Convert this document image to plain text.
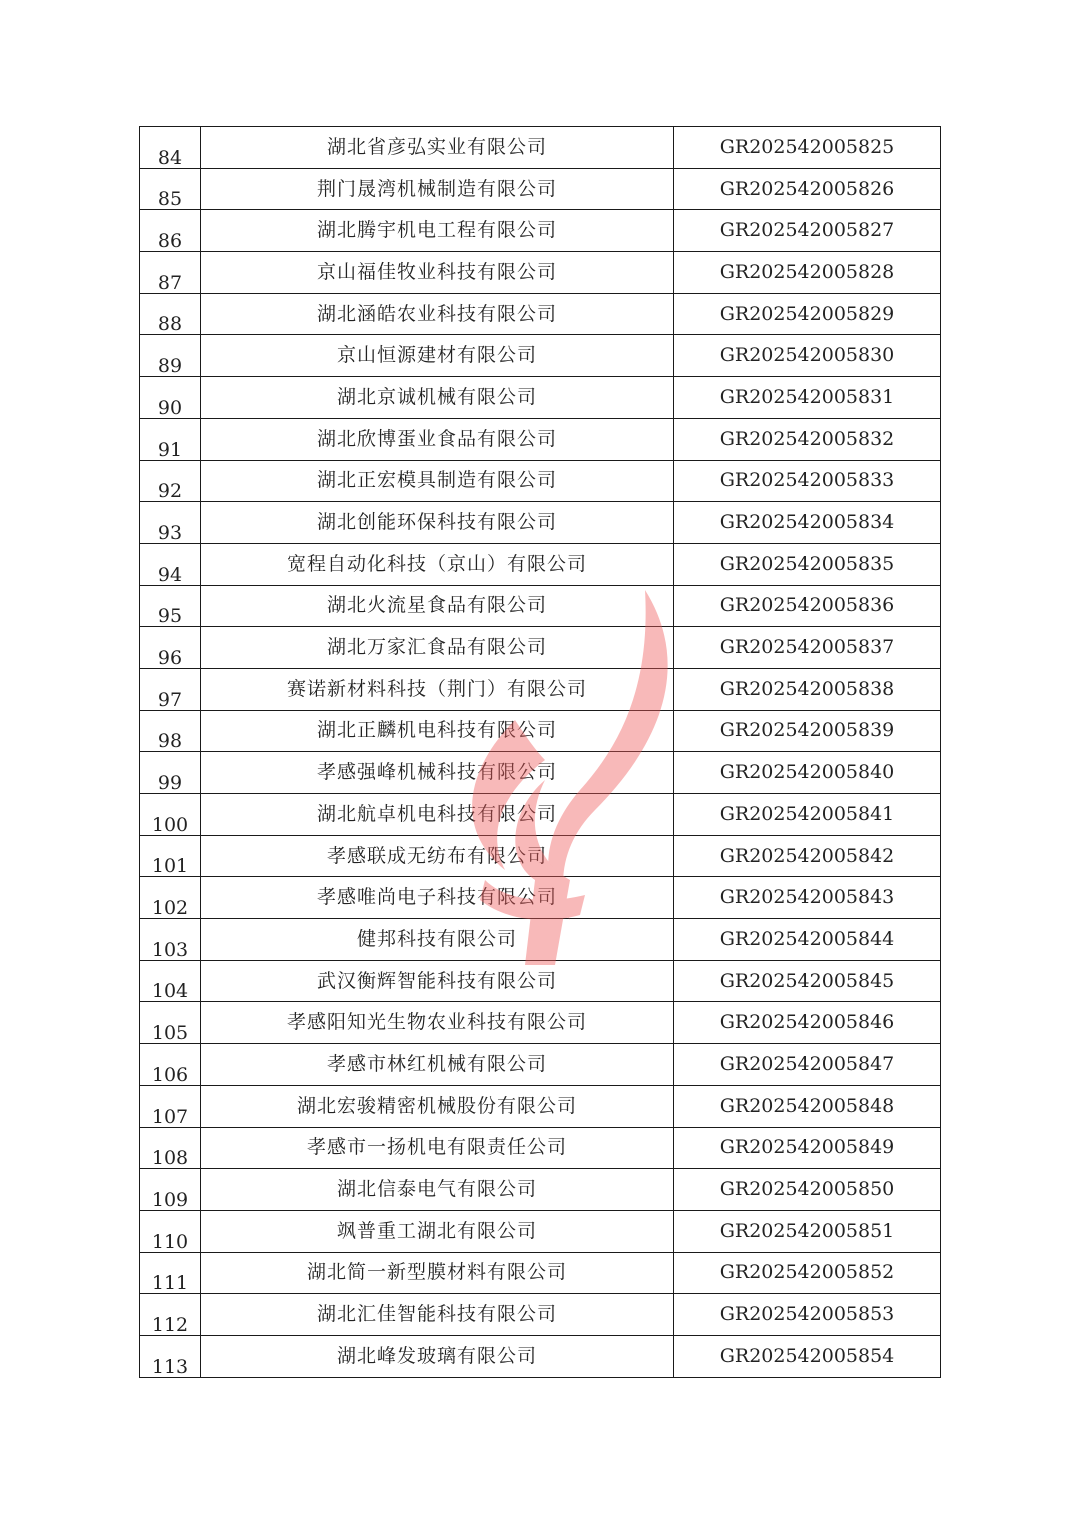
84	湖北省彦弘实业有限公司	GR202542005825
85	荆门晟湾机械制造有限公司	GR202542005826
86	湖北腾宇机电工程有限公司	GR202542005827
87	京山福佳牧业科技有限公司	GR202542005828
88	湖北涵皓农业科技有限公司	GR202542005829
89	京山恒源建材有限公司	GR202542005830
90	湖北京诚机械有限公司	GR202542005831
91	湖北欣博蛋业食品有限公司	GR202542005832
92	湖北正宏模具制造有限公司	GR202542005833
93	湖北创能环保科技有限公司	GR202542005834
94	宽程自动化科技（京山）有限公司	GR202542005835
95	湖北火流星食品有限公司	GR202542005836
96	湖北万家汇食品有限公司	GR202542005837
97	赛诺新材料科技（荆门）有限公司	GR202542005838
98	湖北正麟机电科技有限公司	GR202542005839
99	孝感强峰机械科技有限公司	GR202542005840
100	湖北航卓机电科技有限公司	GR202542005841
101	孝感联成无纺布有限公司	GR202542005842
102	孝感唯尚电子科技有限公司	GR202542005843
103	健邦科技有限公司	GR202542005844
104	武汉衡辉智能科技有限公司	GR202542005845
105	孝感阳知光生物农业科技有限公司	GR202542005846
106	孝感市林红机械有限公司	GR202542005847
107	湖北宏骏精密机械股份有限公司	GR202542005848
108	孝感市一扬机电有限责任公司	GR202542005849
109	湖北信泰电气有限公司	GR202542005850
110	飒普重工湖北有限公司	GR202542005851
111	湖北简一新型膜材料有限公司	GR202542005852
112	湖北汇佳智能科技有限公司	GR202542005853
113	湖北峰发玻璃有限公司	GR202542005854
